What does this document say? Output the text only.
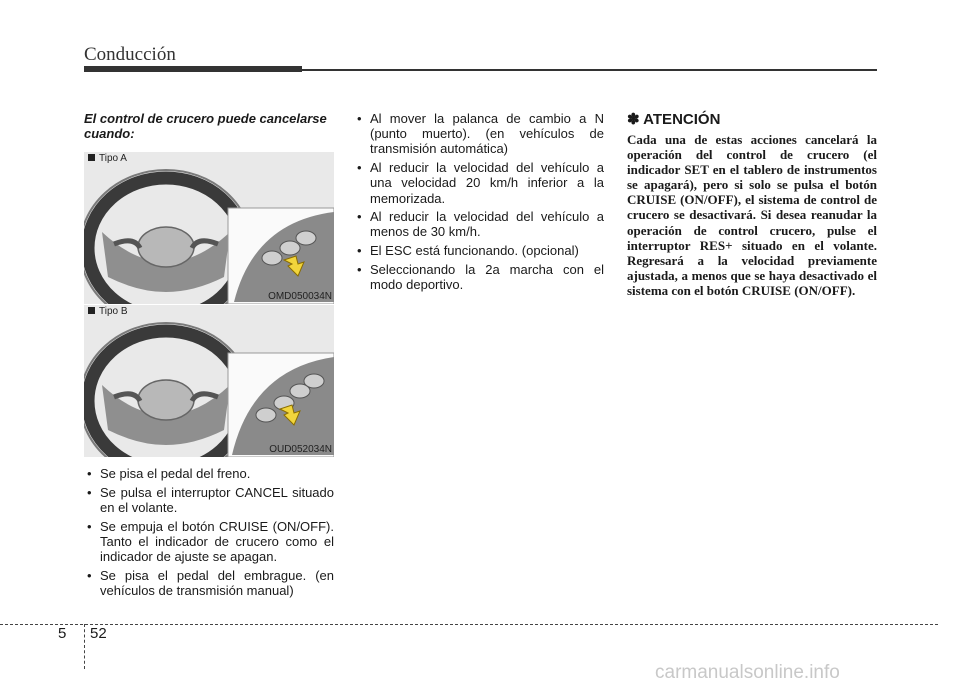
Conducción

El control de crucero puede cancelarse cuando:

Tipo A
OMD050034N
Tipo B
OUD052034N
• Se pisa el pedal del freno.
• Se pulsa el interruptor CANCEL situado en el volante.
• Se empuja el botón CRUISE (ON/OFF). Tanto el indicador de crucero como el indicador de ajuste se apagan.
• Se pisa el pedal del embrague. (en vehículos de transmisión manual)
• Al mover la palanca de cambio a N (punto muerto). (en vehículos de transmisión automática)
• Al reducir la velocidad del vehículo a una velocidad 20 km/h inferior a la memorizada.
• Al reducir la velocidad del vehículo a menos de 30 km/h.
• El ESC está funcionando. (opcional)
• Seleccionando la 2a marcha con el modo deportivo.

✽ ATENCIÓN

Cada una de estas acciones cancelará la operación del control de crucero (el indicador SET en el tablero de instrumentos se apagará), pero si solo se pulsa el botón CRUISE (ON/OFF), el sistema de control de crucero se desactivará. Si desea reanudar la operación de control crucero, pulse el interruptor RES+ situado en el volante. Regresará a la velocidad previamente ajustada, a menos que se haya desactivado el sistema con el botón CRUISE (ON/OFF).

5 52
carmanualsonline.info
